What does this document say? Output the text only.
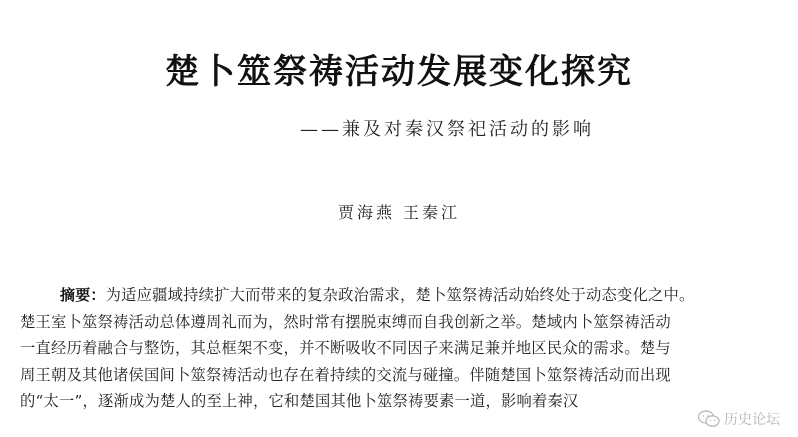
楚卜筮祭祷活动发展变化探究
——兼及对秦汉祭祀活动的影响
贾海燕 王秦江
摘要：为适应疆域持续扩大而带来的复杂政治需求，楚卜筮祭祷活动始终处于动态变化之中。
楚王室卜筮祭祷活动总体遵周礼而为，然时常有摆脱束缚而自我创新之举。楚域内卜筮祭祷活动
一直经历着融合与整饬，其总框架不变，并不断吸收不同因子来满足兼并地区民众的需求。楚与
周王朝及其他诸侯国间卜筮祭祷活动也存在着持续的交流与碰撞。伴随楚国卜筮祭祷活动而出现
的“太一”，逐渐成为楚人的至上神，它和楚国其他卜筮祭祷要素一道，影响着秦汉
历史论坛
